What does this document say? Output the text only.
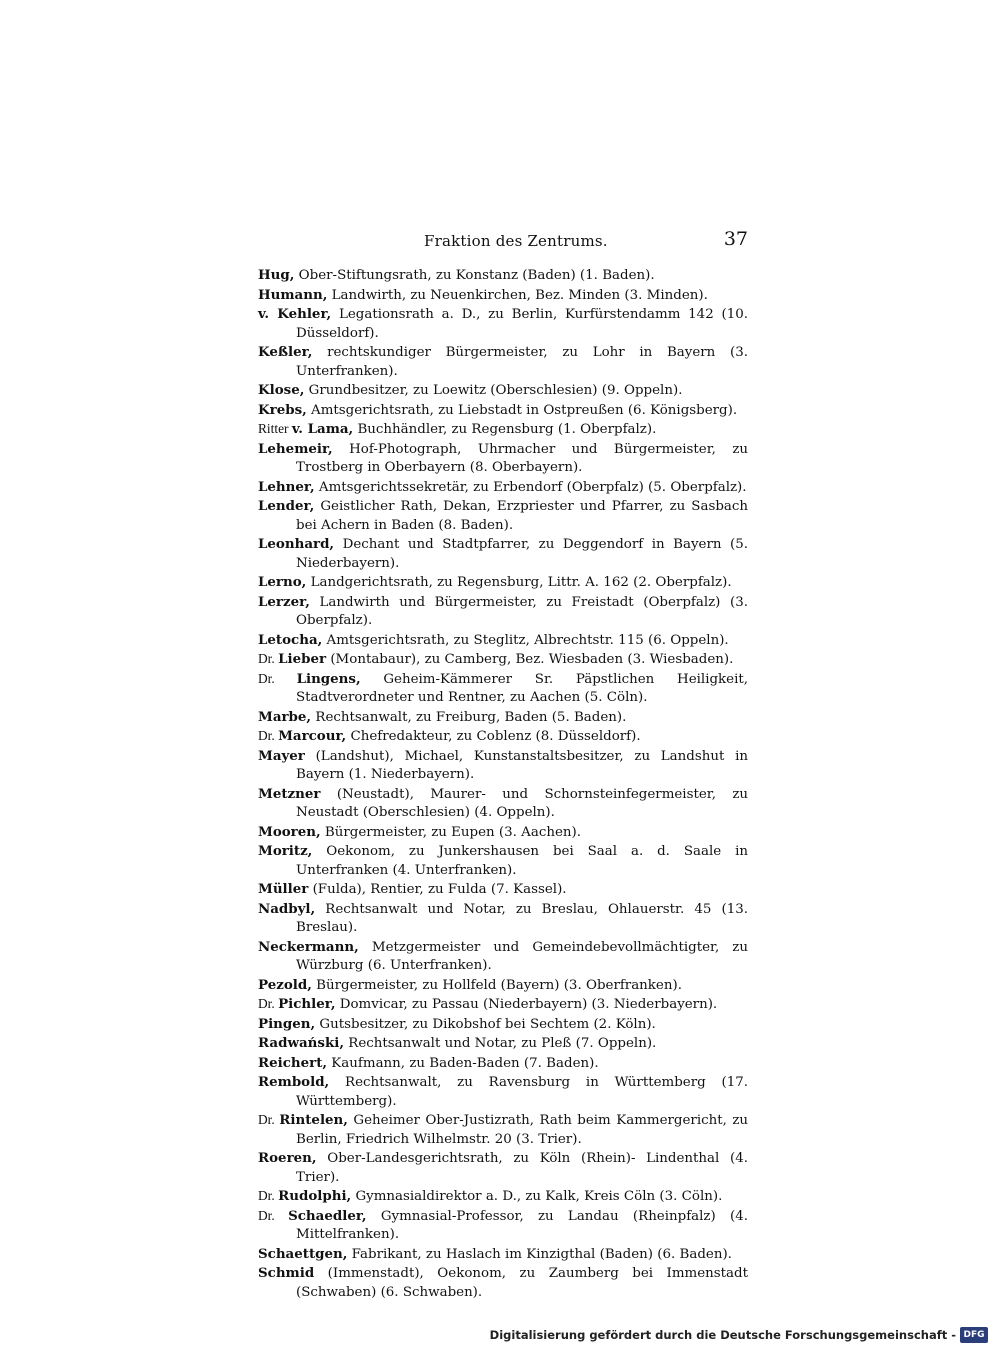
Fraktion des Zentrums.	37
Hug, Ober-Stiftungsrath, zu Konstanz (Baden) (1. Baden).
Humann, Landwirth, zu Neuenkirchen, Bez. Minden (3. Minden).
v. Kehler, Legationsrath a. D., zu Berlin, Kurfürstendamm 142 (10. Düsseldorf).
Keßler, rechtskundiger Bürgermeister, zu Lohr in Bayern (3. Unterfranken).
Klose, Grundbesitzer, zu Loewitz (Oberschlesien) (9. Oppeln).
Krebs, Amtsgerichtsrath, zu Liebstadt in Ostpreußen (6. Königsberg).
Ritter v. Lama, Buchhändler, zu Regensburg (1. Oberpfalz).
Lehemeir, Hof-Photograph, Uhrmacher und Bürgermeister, zu Trostberg in Oberbayern (8. Oberbayern).
Lehner, Amtsgerichtssekretär, zu Erbendorf (Oberpfalz) (5. Oberpfalz).
Lender, Geistlicher Rath, Dekan, Erzpriester und Pfarrer, zu Sasbach bei Achern in Baden (8. Baden).
Leonhard, Dechant und Stadtpfarrer, zu Deggendorf in Bayern (5. Niederbayern).
Lerno, Landgerichtsrath, zu Regensburg, Littr. A. 162 (2. Oberpfalz).
Lerzer, Landwirth und Bürgermeister, zu Freistadt (Oberpfalz) (3. Oberpfalz).
Letocha, Amtsgerichtsrath, zu Steglitz, Albrechtstr. 115 (6. Oppeln).
Dr. Lieber (Montabaur), zu Camberg, Bez. Wiesbaden (3. Wiesbaden).
Dr. Lingens, Geheim-Kämmerer Sr. Päpstlichen Heiligkeit, Stadtverordneter und Rentner, zu Aachen (5. Cöln).
Marbe, Rechtsanwalt, zu Freiburg, Baden (5. Baden).
Dr. Marcour, Chefredakteur, zu Coblenz (8. Düsseldorf).
Mayer (Landshut), Michael, Kunstanstaltsbesitzer, zu Landshut in Bayern (1. Niederbayern).
Metzner (Neustadt), Maurer- und Schornsteinfegermeister, zu Neustadt (Oberschlesien) (4. Oppeln).
Mooren, Bürgermeister, zu Eupen (3. Aachen).
Moritz, Oekonom, zu Junkershausen bei Saal a. d. Saale in Unterfranken (4. Unterfranken).
Müller (Fulda), Rentier, zu Fulda (7. Kassel).
Nadbyl, Rechtsanwalt und Notar, zu Breslau, Ohlauerstr. 45 (13. Breslau).
Neckermann, Metzgermeister und Gemeindebevollmächtigter, zu Würzburg (6. Unterfranken).
Pezold, Bürgermeister, zu Hollfeld (Bayern) (3. Oberfranken).
Dr. Pichler, Domvicar, zu Passau (Niederbayern) (3. Niederbayern).
Pingen, Gutsbesitzer, zu Dikobshof bei Sechtem (2. Köln).
Radwański, Rechtsanwalt und Notar, zu Pleß (7. Oppeln).
Reichert, Kaufmann, zu Baden-Baden (7. Baden).
Rembold, Rechtsanwalt, zu Ravensburg in Württemberg (17. Württemberg).
Dr. Rintelen, Geheimer Ober-Justizrath, Rath beim Kammergericht, zu Berlin, Friedrich Wilhelmstr. 20 (3. Trier).
Roeren, Ober-Landesgerichtsrath, zu Köln (Rhein)- Lindenthal (4. Trier).
Dr. Rudolphi, Gymnasialdirektor a. D., zu Kalk, Kreis Cöln (3. Cöln).
Dr. Schaedler, Gymnasial-Professor, zu Landau (Rheinpfalz) (4. Mittelfranken).
Schaettgen, Fabrikant, zu Haslach im Kinzigthal (Baden) (6. Baden).
Schmid (Immenstadt), Oekonom, zu Zaumberg bei Immenstadt (Schwaben) (6. Schwaben).
Digitalisierung gefördert durch die Deutsche Forschungsgemeinschaft - DFG
